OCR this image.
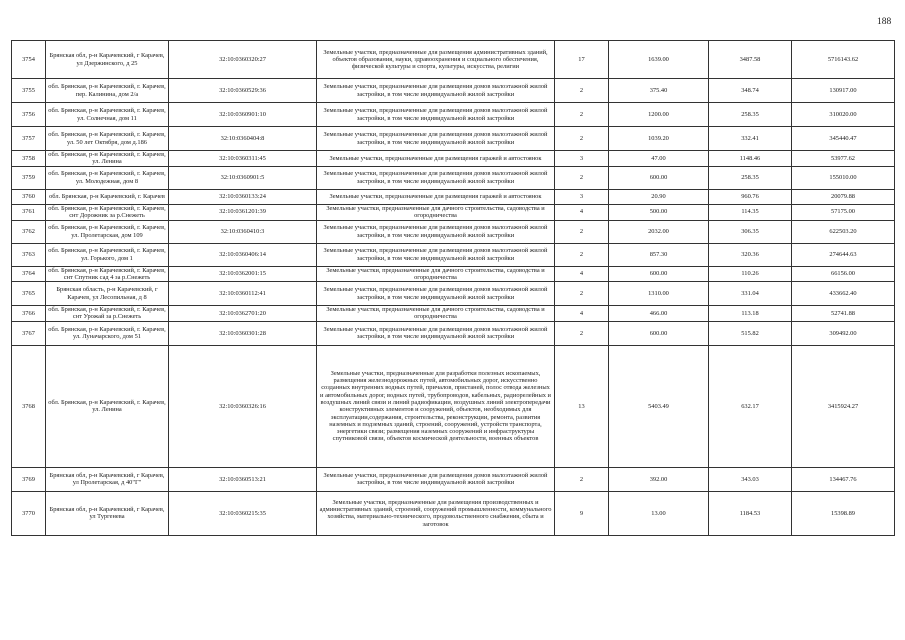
188
3754	Брянская обл, р-н Карачевский, г Карачев, ул Дзержинского, д 25	32:10:0360320:27	Земельные участки, предназначенные для размещения административных зданий, объектов образования, науки, здравоохранения и социального обеспечения, физической культуры и спорта, культуры, искусства, религии	17	1639.00	3487.58	5716143.62
3755	обл. Брянская, р-н Карачевский, г. Карачев, пер. Калинина, дом 2/а	32:10:0360529:36	Земельные участки, предназначенные для размещения домов малоэтажной жилой застройки, в том числе индивидуальной жилой застройки	2	375.40	348.74	130917.00
3756	обл. Брянская, р-н Карачевский, г. Карачев, ул. Солнечная, дом 11	32:10:0360901:10	Земельные участки, предназначенные для размещения домов малоэтажной жилой застройки, в том числе индивидуальной жилой застройки	2	1200.00	258.35	310020.00
3757	обл. Брянская, р-н Карачевский, г. Карачев, ул. 50 лет Октября, дом д.186	32:10:0360404:8	Земельные участки, предназначенные для размещения домов малоэтажной жилой застройки, в том числе индивидуальной жилой застройки	2	1039.20	332.41	345440.47
3758	обл. Брянская, р-н Карачевский, г. Карачев, ул. Ленина	32:10:0360311:45	Земельные участки, предназначенные для размещения гаражей и автостоянок	3	47.00	1148.46	53977.62
3759	обл. Брянская, р-н Карачевский, г. Карачев, ул. Молодежная, дом 8	32:10:0360901:5	Земельные участки, предназначенные для размещения домов малоэтажной жилой застройки, в том числе индивидуальной жилой застройки	2	600.00	258.35	155010.00
3760	обл. Брянская, р-н Карачевский, г. Карачев	32:10:0360133:24	Земельные участки, предназначенные для размещения гаражей и автостоянок	3	20.90	960.76	20079.88
3761	обл. Брянская, р-н Карачевский, г. Карачев, снт Дорожник за р.Снежеть	32:10:0361201:39	Земельные участки, предназначенные для дачного строительства, садоводства и огородничества	4	500.00	114.35	57175.00
3762	обл. Брянская, р-н Карачевский, г. Карачев, ул. Пролетарская, дом 109	32:10:0360410:3	Земельные участки, предназначенные для размещения домов малоэтажной жилой застройки, в том числе индивидуальной жилой застройки	2	2032.00	306.35	622503.20
3763	обл. Брянская, р-н Карачевский, г. Карачев, ул. Горького, дом 1	32:10:0360406:14	Земельные участки, предназначенные для размещения домов малоэтажной жилой застройки, в том числе индивидуальной жилой застройки	2	857.30	320.36	274644.63
3764	обл. Брянская, р-н Карачевский, г. Карачев, снт Спутник сад 4 за р.Снежеть	32:10:0362001:15	Земельные участки, предназначенные для дачного строительства, садоводства и огородничества	4	600.00	110.26	66156.00
3765	Брянская область, р-н Карачевский, г Карачев, ул Лесопильная, д 8	32:10:0360112:41	Земельные участки, предназначенные для размещения домов малоэтажной жилой застройки, в том числе индивидуальной жилой застройки	2	1310.00	331.04	433662.40
3766	обл. Брянская, р-н Карачевский, г. Карачев, снт Урожай за р.Снежеть	32:10:0362701:20	Земельные участки, предназначенные для дачного строительства, садоводства и огородничества	4	466.00	113.18	52741.88
3767	обл. Брянская, р-н Карачевский, г. Карачев, ул. Луначарского, дом 51	32:10:0360301:28	Земельные участки, предназначенные для размещения домов малоэтажной жилой застройки, в том числе индивидуальной жилой застройки	2	600.00	515.82	309492.00
3768	обл. Брянская, р-н Карачевский, г. Карачев, ул. Ленина	32:10:0360326:16	Земельные участки, предназначенные для разработки полезных ископаемых, размещения железнодорожных путей, автомобильных дорог, искусственно созданных внутренних водных путей, причалов, пристаней, полос отвода железных и автомобильных дорог, водных путей, трубопроводов, кабельных, радиорелейных и воздушных линий связи и линий радиофикации, воздушных линий электропередачи конструктивных элементов и сооружений, объектов, необходимых для эксплуатации,содержания, строительства, реконструкции, ремонта, развития наземных и подземных зданий, строений, сооружений, устройств транспорта, энергетики связи; размещения наземных сооружений и инфраструктуры спутниковой связи, объектов космической деятельности, военных объектов	13	5403.49	632.17	3415924.27
3769	Брянская обл, р-н Карачевский, г Карачев, ул Пролетарская, д 40"Г"	32:10:0360513:21	Земельные участки, предназначенные для размещения домов малоэтажной жилой застройки, в том числе индивидуальной жилой застройки	2	392.00	343.03	134467.76
3770	Брянская обл, р-н Карачевский, г Карачев, ул Тургенева	32:10:0360215:35	Земельные участки, предназначенные для размещения производственных и административных зданий, строений, сооружений промышленности, коммунального хозяйства, материально-технического, продовольственного снабжения, сбыта и заготовок	9	13.00	1184.53	15398.89
